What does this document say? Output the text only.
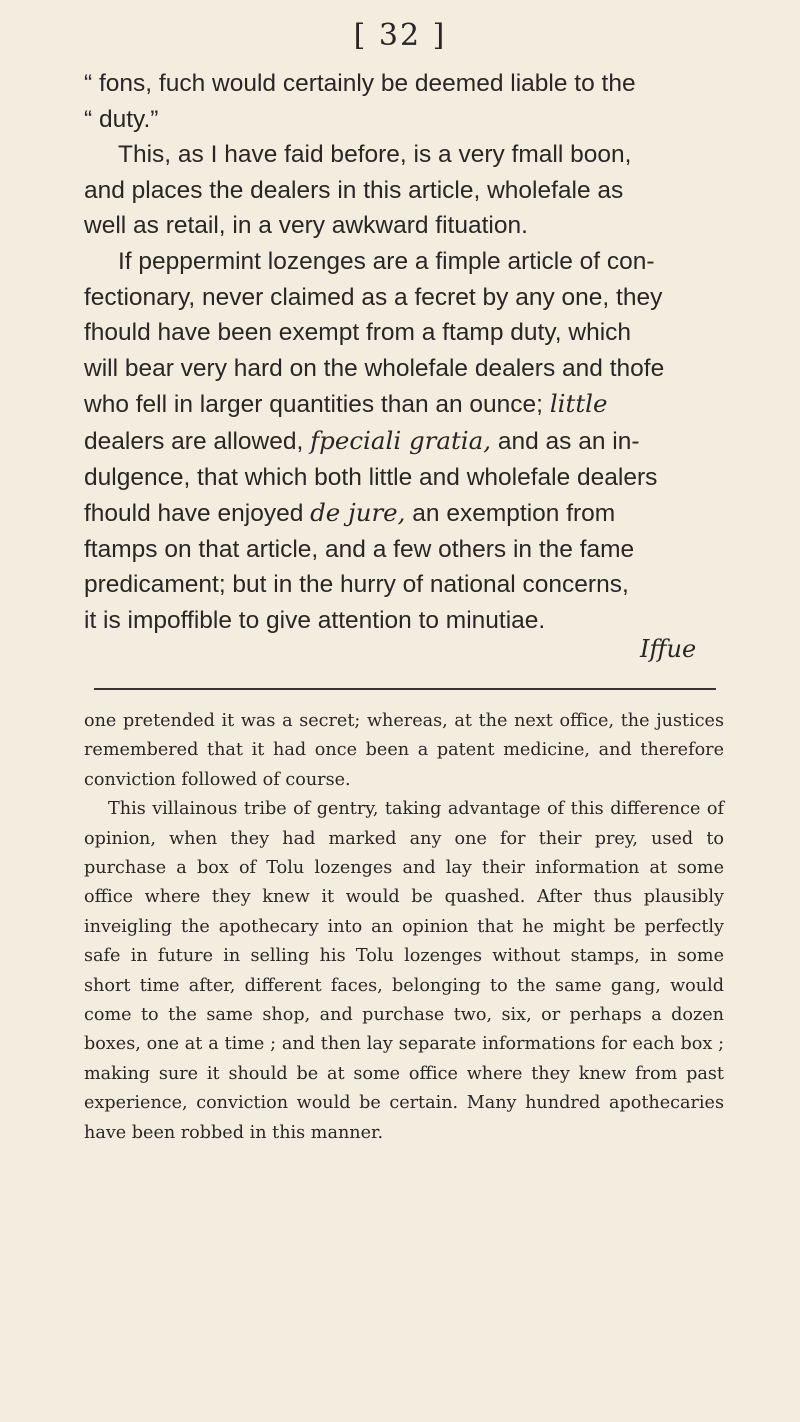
[ 32 ]

“ fons, fuch would certainly be deemed liable to the

“ duty.”

This, as I have faid before, is a very fmall boon,

and places the dealers in this article, wholefale as

well as retail, in a very awkward fituation.

If peppermint lozenges are a fimple article of con-

fectionary, never claimed as a fecret by any one, they

fhould have been exempt from a ftamp duty, which

will bear very hard on the wholefale dealers and thofe

who fell in larger quantities than an ounce; little

dealers are allowed, fpeciali gratia, and as an in-

dulgence, that which both little and wholefale dealers

fhould have enjoyed de jure, an exemption from

ftamps on that article, and a few others in the fame

predicament; but in the hurry of national concerns,

it is impoffible to give attention to minutiae.

Iffue

one pretended it was a secret; whereas, at the next office, the justices remembered that it had once been a patent medicine, and therefore conviction followed of course.

This villainous tribe of gentry, taking advantage of this difference of opinion, when they had marked any one for their prey, used to purchase a box of Tolu lozenges and lay their information at some office where they knew it would be quashed. After thus plausibly inveigling the apothecary into an opinion that he might be perfectly safe in future in selling his Tolu lozenges without stamps, in some short time after, different faces, belonging to the same gang, would come to the same shop, and purchase two, six, or perhaps a dozen boxes, one at a time ; and then lay separate informations for each box ; making sure it should be at some office where they knew from past experience, conviction would be certain. Many hundred apothecaries have been robbed in this manner.
